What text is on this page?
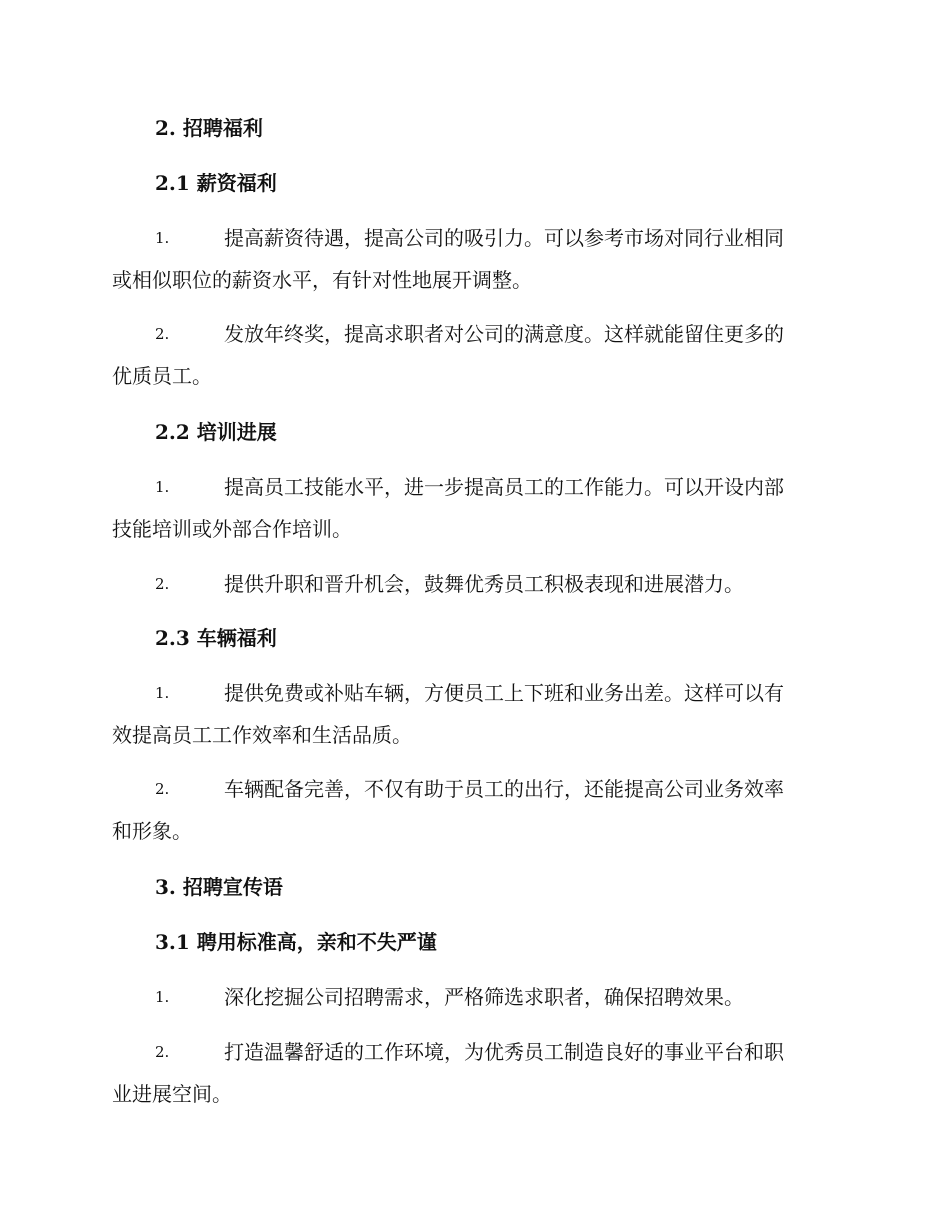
2. 招聘福利
2.1 薪资福利
1.	提高薪资待遇，提高公司的吸引力。可以参考市场对同行业相同
或相似职位的薪资水平，有针对性地展开调整。
2.	发放年终奖，提高求职者对公司的满意度。这样就能留住更多的
优质员工。
2.2 培训进展
1.	提高员工技能水平，进一步提高员工的工作能力。可以开设内部
技能培训或外部合作培训。
2.	提供升职和晋升机会，鼓舞优秀员工积极表现和进展潜力。
2.3 车辆福利
1.	提供免费或补贴车辆，方便员工上下班和业务出差。这样可以有
效提高员工工作效率和生活品质。
2.	车辆配备完善，不仅有助于员工的出行，还能提高公司业务效率
和形象。
3. 招聘宣传语
3.1 聘用标准高，亲和不失严谨
1.	深化挖掘公司招聘需求，严格筛选求职者，确保招聘效果。
2.	打造温馨舒适的工作环境，为优秀员工制造良好的事业平台和职
业进展空间。
